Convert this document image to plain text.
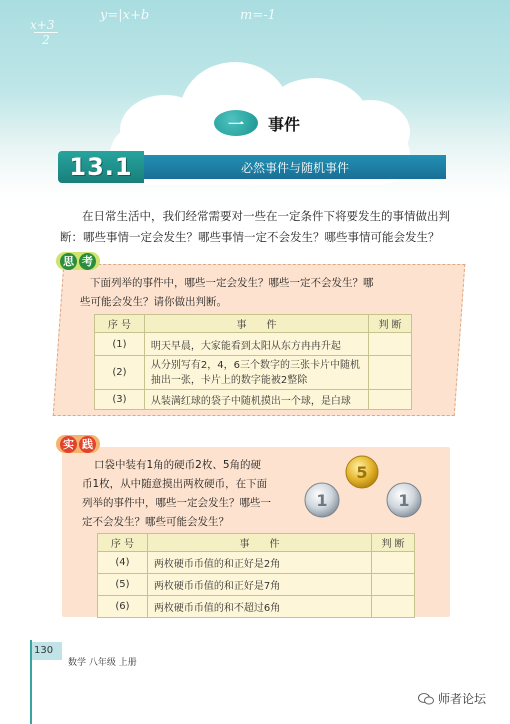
x+3
2
y=|x+b	m=-1
一	事件
13.1	必然事件与随机事件
在日常生活中，我们经常需要对一些在一定条件下将要发生的事情做出判
断：哪些事情一定会发生？哪些事情一定不会发生？哪些事情可能会发生？
思 考
下面列举的事件中，哪些一定会发生？哪些一定不会发生？哪
些可能会发生？请你做出判断。
序 号	事　　件	判 断
(1)	明天早晨，大家能看到太阳从东方冉冉升起	
(2)	从分别写有2，4，6三个数字的三张卡片中随机
抽出一张，卡片上的数字能被2整除	

(3)	从装满红球的袋子中随机摸出一个球，是白球	
实 践
口袋中装有1角的硬币2枚、5角的硬
币1枚，从中随意摸出两枚硬币，在下面
列举的事件中，哪些一定会发生？哪些一
定不会发生？哪些可能会发生？
5
1	1
序 号	事　　件	判 断
(4)	两枚硬币币值的和正好是2角	
(5)	两枚硬币币值的和正好是7角	
(6)	两枚硬币币值的和不超过6角	
130
数学 八年级 上册
师者论坛
